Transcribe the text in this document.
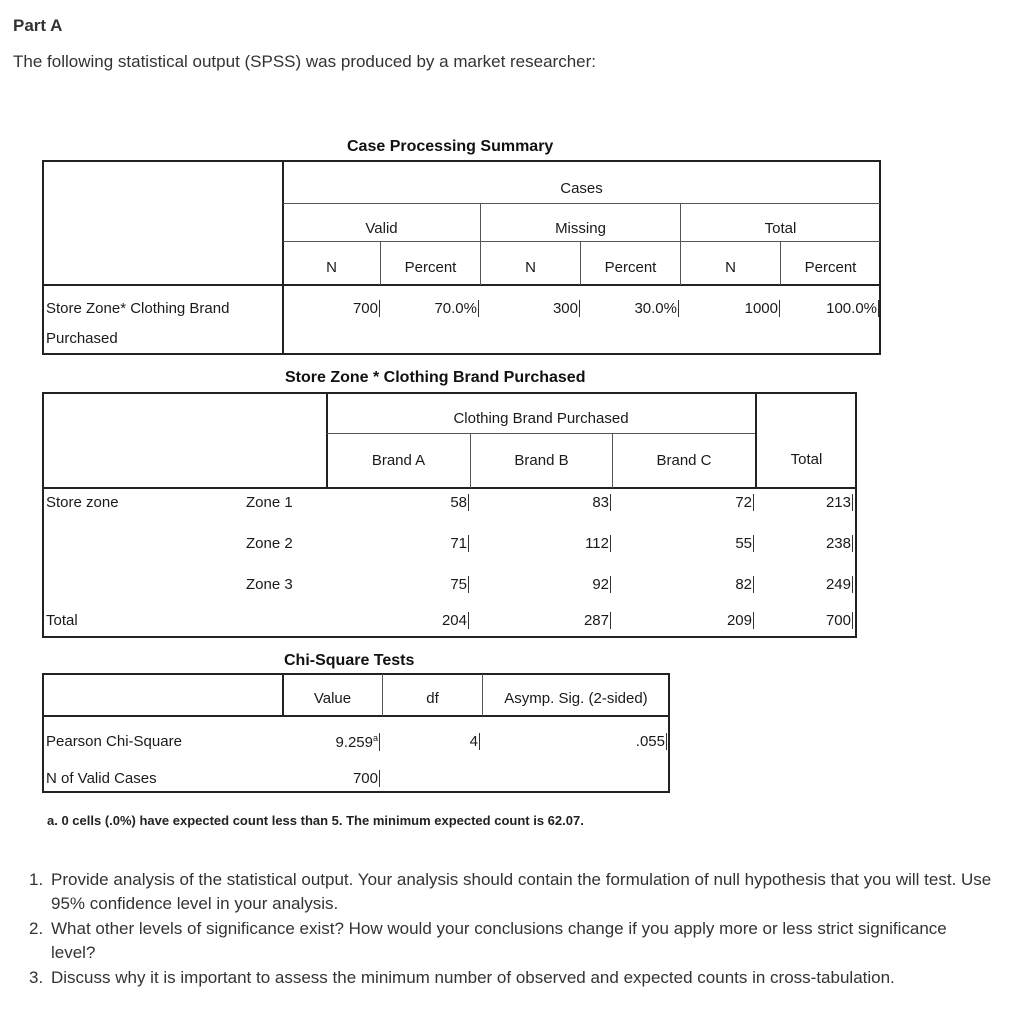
Part A
The following statistical output (SPSS) was produced by a market researcher:
Case Processing Summary
Cases
Valid	Missing	Total
N	Percent	N	Percent	N	Percent
Store Zone* Clothing Brand
Purchased
700	70.0%	300	30.0%	1000	100.0%
Store Zone * Clothing Brand Purchased
Clothing Brand Purchased
Brand A	Brand B	Brand C	Total
Store zone	Zone 1	58	83	72	213
Zone 2	71	112	55	238
Zone 3	75	92	82	249
Total	204	287	209	700
Chi-Square Tests
Value	df	Asymp. Sig. (2-sided)
Pearson Chi-Square	9.259$^a$	4	.055
N of Valid Cases	700
a. 0 cells (.0%) have expected count less than 5. The minimum expected count is 62.07.
1. Provide analysis of the statistical output. Your analysis should contain the formulation of null hypothesis that you will test. Use 95% confidence level in your analysis.
2. What other levels of significance exist? How would your conclusions change if you apply more or less strict significance level?
3. Discuss why it is important to assess the minimum number of observed and expected counts in cross-tabulation.
